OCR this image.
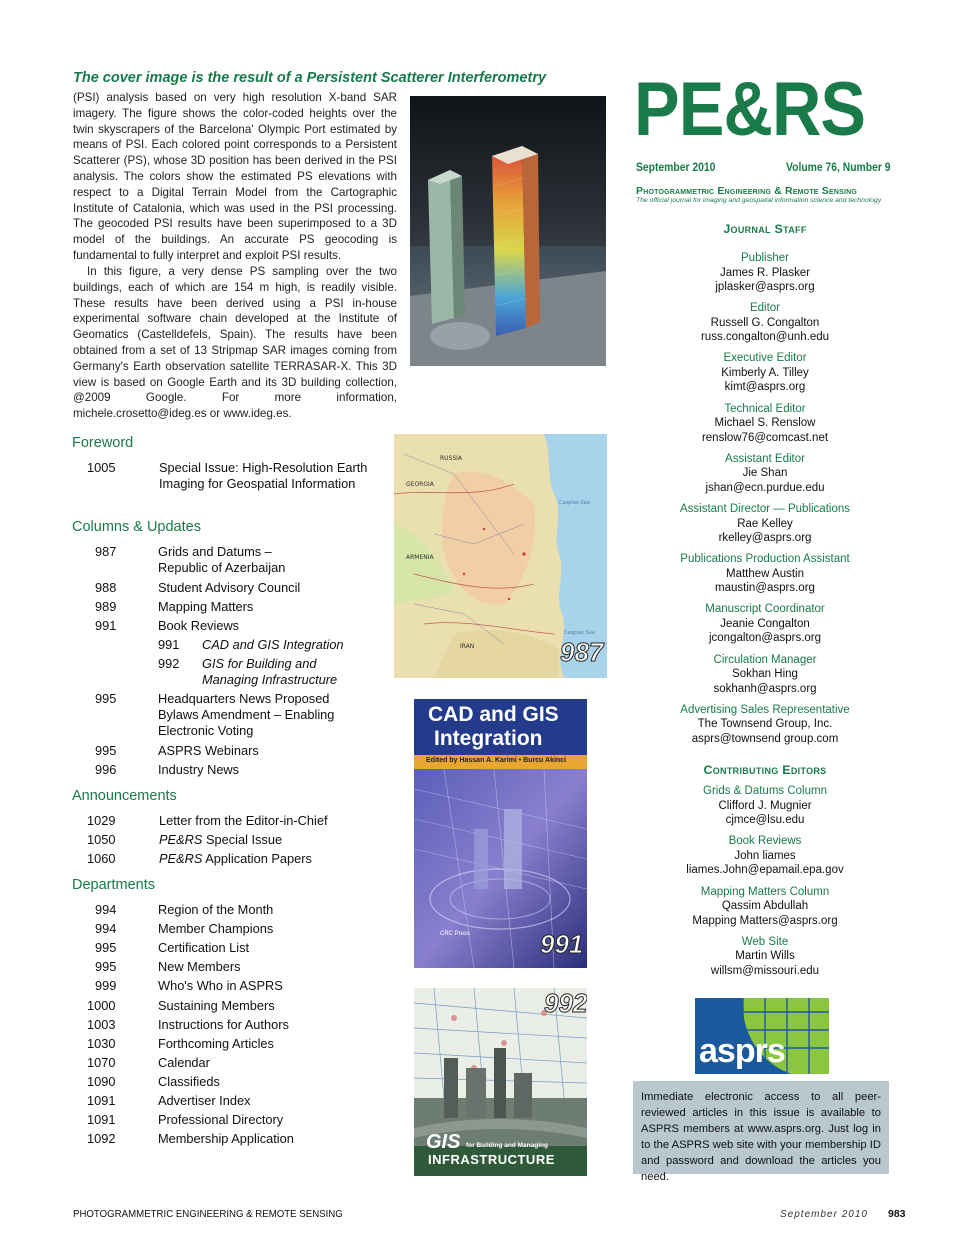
The cover image is the result of a Persistent Scatterer Interferometry
(PSI) analysis based on very high resolution X-band SAR imagery. The figure shows the color-coded heights over the twin skyscrapers of the Barcelona' Olympic Port estimated by means of PSI. Each colored point corresponds to a Persistent Scatterer (PS), whose 3D position has been derived in the PSI analysis. The colors show the estimated PS elevations with respect to a Digital Terrain Model from the Cartographic Institute of Catalonia, which was used in the PSI processing. The geocoded PSI results have been superimposed to a 3D model of the buildings. An accurate PS geocoding is fundamental to fully interpret and exploit PSI results.
In this figure, a very dense PS sampling over the two buildings, each of which are 154 m high, is readily visible. These results have been derived using a PSI in-house experimental software chain developed at the Institute of Geomatics (Castelldefels, Spain). The results have been obtained from a set of 13 Stripmap SAR images coming from Germany's Earth observation satellite TERRASAR-X. This 3D view is based on Google Earth and its 3D building collection, @2009 Google. For more information, michele.crosetto@ideg.es or www.ideg.es.
Foreword
1005	Special Issue: High-Resolution Earth Imaging for Geospatial Information
Columns & Updates
987	Grids and Datums – Republic of Azerbaijan
988	Student Advisory Council
989	Mapping Matters
991	Book Reviews
991 CAD and GIS Integration
992 GIS for Building and Managing Infrastructure
995	Headquarters News Proposed Bylaws Amendment – Enabling Electronic Voting
995	ASPRS Webinars
996	Industry News
Announcements
1029	Letter from the Editor-in-Chief
1050	PE&RS Special Issue
1060	PE&RS Application Papers
Departments
994	Region of the Month
994	Member Champions
995	Certification List
995	New Members
999	Who's Who in ASPRS
1000	Sustaining Members
1003	Instructions for Authors
1030	Forthcoming Articles
1070	Calendar
1090	Classifieds
1091	Advertiser Index
1091	Professional Directory
1092	Membership Application
RUSSIA
GEORGIA
ARMENIA
IRAN
Caspian Sea
Caspian Sea
987
CAD and GIS
Integration
Edited by Hassan A. Karimi • Burcu Akinci
CRC Press	991
992
GIS for Building and Managing
INFRASTRUCTURE
PE&RS
September 2010	Volume 76, Number 9
Photogrammetric Engineering & Remote Sensing
The official journal for imaging and geospatial information science and technology
Journal Staff
Publisher
James R. Plasker
jplasker@asprs.org
Editor
Russell G. Congalton
russ.congalton@unh.edu
Executive Editor
Kimberly A. Tilley
kimt@asprs.org
Technical Editor
Michael S. Renslow
renslow76@comcast.net
Assistant Editor
Jie Shan
jshan@ecn.purdue.edu
Assistant Director — Publications
Rae Kelley
rkelley@asprs.org
Publications Production Assistant
Matthew Austin
maustin@asprs.org
Manuscript Coordinator
Jeanie Congalton
jcongalton@asprs.org
Circulation Manager
Sokhan Hing
sokhanh@asprs.org
Advertising Sales Representative
The Townsend Group, Inc.
asprs@townsend group.com
Contributing Editors
Grids & Datums Column
Clifford J. Mugnier
cjmce@lsu.edu
Book Reviews
John liames
liames.John@epamail.epa.gov
Mapping Matters Column
Qassim Abdullah
Mapping Matters@asprs.org
Web Site
Martin Wills
willsm@missouri.edu
asprs
Immediate electronic access to all peer-reviewed articles in this issue is available to ASPRS members at www.asprs.org. Just log in to the ASPRS web site with your membership ID and password and download the articles you need.
PHOTOGRAMMETRIC ENGINEERING & REMOTE SENSING	September 2010 983
